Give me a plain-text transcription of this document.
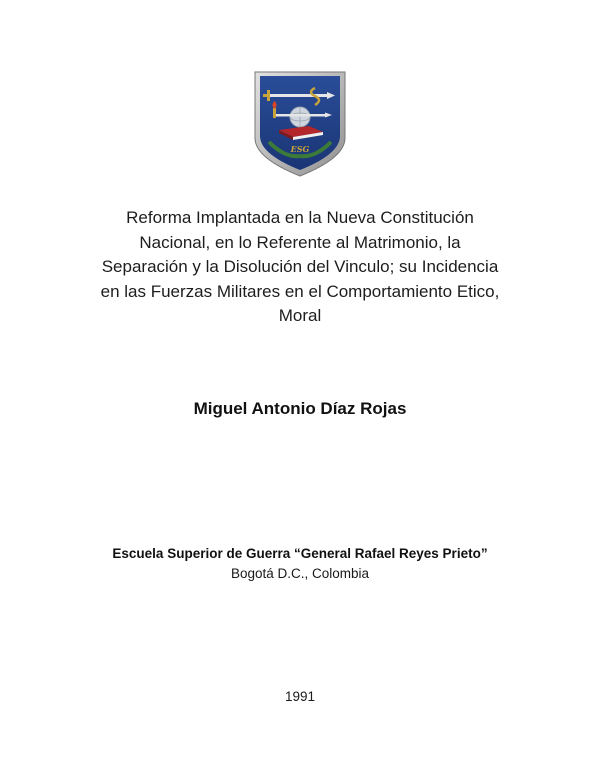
ESG
Reforma Implantada en la Nueva Constitución
Nacional, en lo Referente al Matrimonio, la
Separación y la Disolución del Vinculo; su Incidencia
en las Fuerzas Militares en el Comportamiento Etico,
Moral
Miguel Antonio Díaz Rojas
Escuela Superior de Guerra “General Rafael Reyes Prieto”
Bogotá D.C., Colombia
1991
